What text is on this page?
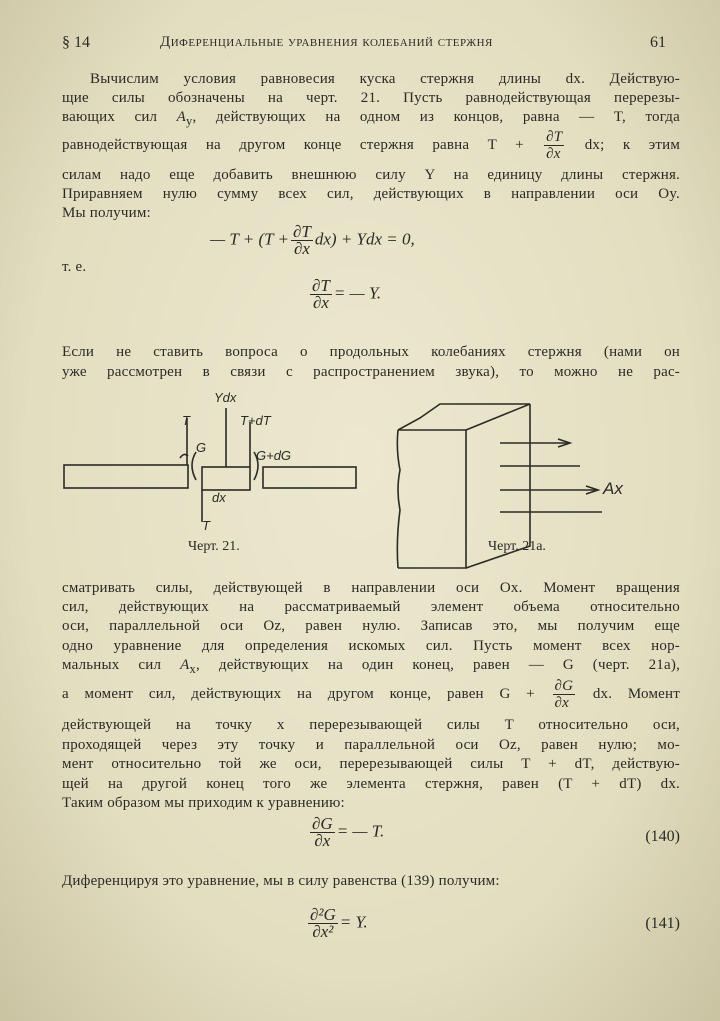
§ 14	Диференциальные уравнения колебаний стержня	61
Вычислим условия равновесия куска стержня длины dx. Действую-
щие силы обозначены на черт. 21. Пусть равнодействующая перерезы-
вающих сил $A_y$, действующих на одном из концов, равна — T, тогда
равнодействующая на другом конце стержня равна $T + \frac{\partial T}{\partial x}$ dx; к этим
силам надо еще добавить внешнюю силу Y на единицу длины стержня.
Приравняем нулю сумму всех сил, действующих в направлении оси Oy.
Мы получим:
— $T + (T + \frac{\partial T}{\partial x} dx)$ + Ydx = 0,
т. е.
$\frac{\partial T}{\partial x}$ = — Y.
Если не ставить вопроса о продольных колебаниях стержня (нами он
уже рассмотрен в связи с распространением звука), то можно не рас-
Ydx
T	T+dT
G
G+dG
dx
T
Ax
Черт. 21.	Черт. 21a.
сматривать силы, действующей в направлении оси Ox. Момент вращения
сил, действующих на рассматриваемый элемент объема относительно
оси, параллельной оси Oz, равен нулю. Записав это, мы получим еще
одно уравнение для определения искомых сил. Пусть момент всех нор-
мальных сил $A_x$, действующих на один конец, равен — G (черт. 21a),
а момент сил, действующих на другом конце, равен $G + \frac{\partial G}{\partial x}$ dx. Момент
действующей на точку x перерезывающей силы T относительно оси,
проходящей через эту точку и параллельной оси Oz, равен нулю; мо-
мент относительно той же оси, перерезывающей силы T + dT, действую-
щей на другой конец того же элемента стержня, равен (T + dT) dx.
Таким образом мы приходим к уравнению:
$\frac{\partial G}{\partial x}$ = — T.	(140)
Диференцируя это уравнение, мы в силу равенства (139) получим:
$\frac{\text{∂²G}}{\text{∂x²}} = Y$.	(141)
